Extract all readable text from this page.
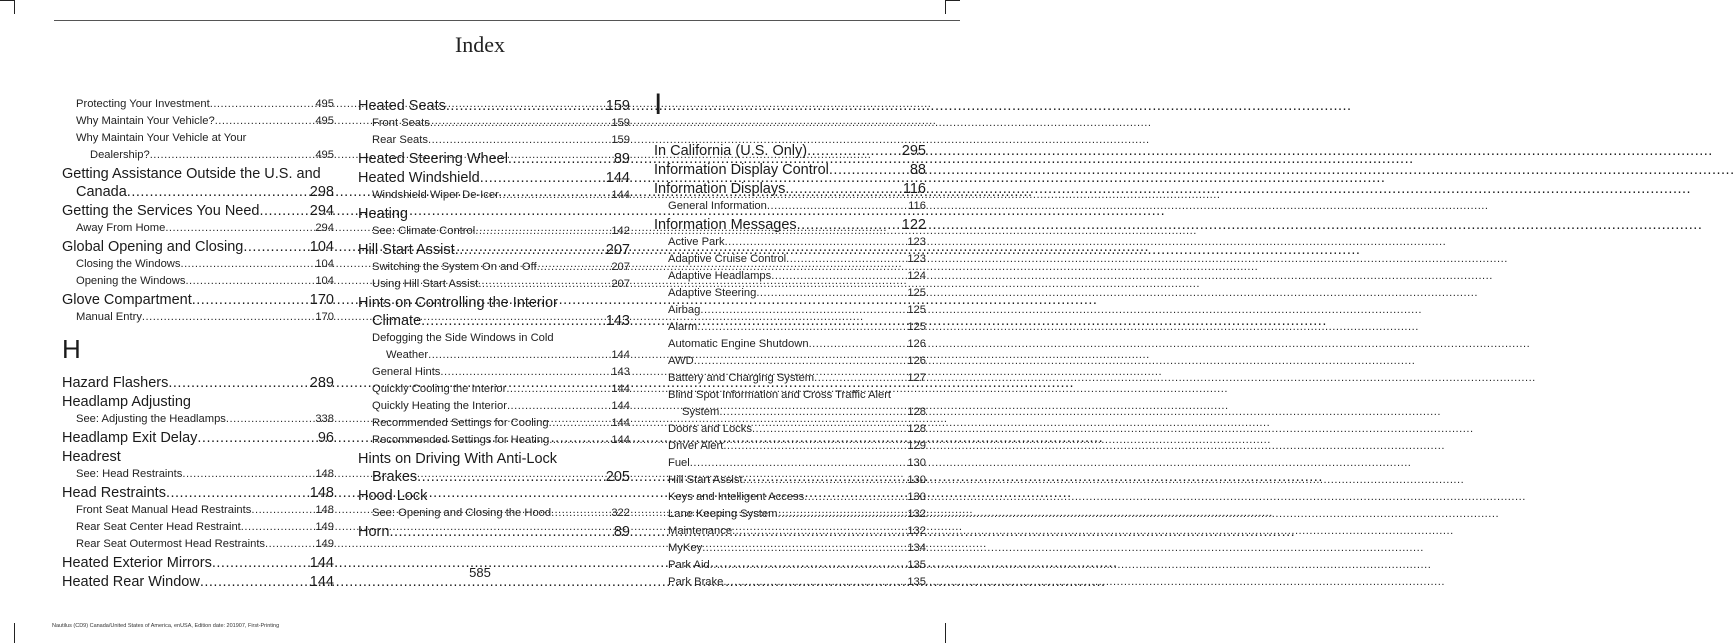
Index
Protecting Your Investment .....	495
Why Maintain Your Vehicle? .....	495
Why Maintain Your Vehicle at Your
Dealership? .....	495
Getting Assistance Outside the U.S. and
Canada .....	298
Getting the Services You Need .....	294
Away From Home .....	294
Global Opening and Closing .....	104
Closing the Windows .....	104
Opening the Windows .....	104
Glove Compartment .....	170
Manual Entry .....	170
H
Hazard Flashers .....	289
Headlamp Adjusting
See: Adjusting the Headlamps .....	338
Headlamp Exit Delay .....	96
Headrest
See: Head Restraints .....	148
Head Restraints .....	148
Front Seat Manual Head Restraints .....	148
Rear Seat Center Head Restraint .....	149
Rear Seat Outermost Head Restraints .....	149
Heated Exterior Mirrors .....	144
Heated Rear Window .....	144
Heated Seats .....	159
Front Seats .....	159
Rear Seats .....	159
Heated Steering Wheel .....	89
Heated Windshield .....	144
Windshield Wiper De-Icer .....	144
Heating
See: Climate Control .....	142
Hill Start Assist .....	207
Switching the System On and Off .....	207
Using Hill Start Assist .....	207
Hints on Controlling the Interior
Climate .....	143
Defogging the Side Windows in Cold
Weather .....	144
General Hints .....	143
Quickly Cooling the Interior .....	144
Quickly Heating the Interior .....	144
Recommended Settings for Cooling .....	144
Recommended Settings for Heating .....	144
Hints on Driving With Anti-Lock
Brakes .....	205
Hood Lock
See: Opening and Closing the Hood .....	322
Horn .....	89
I
In California (U.S. Only) .....	295
Information Display Control .....	88
Information Displays .....	116
General Information .....	116
Information Messages .....	122
Active Park .....	123
Adaptive Cruise Control .....	123
Adaptive Headlamps .....	124
Adaptive Steering .....	125
Airbag .....	125
Alarm .....	125
Automatic Engine Shutdown .....	126
AWD .....	126
Battery and Charging System .....	127
Blind Spot Information and Cross Traffic Alert
System .....	128
Doors and Locks .....	128
Driver Alert .....	129
Fuel .....	130
Hill Start Assist .....	130
Keys and Intelligent Access .....	130
Lane Keeping System .....	132
Maintenance .....	132
MyKey .....	134
Park Aid .....	135
Park Brake .....	135
585
Nautilus (CD9) Canada/United States of America, enUSA, Edition date: 201907, First-Printing
